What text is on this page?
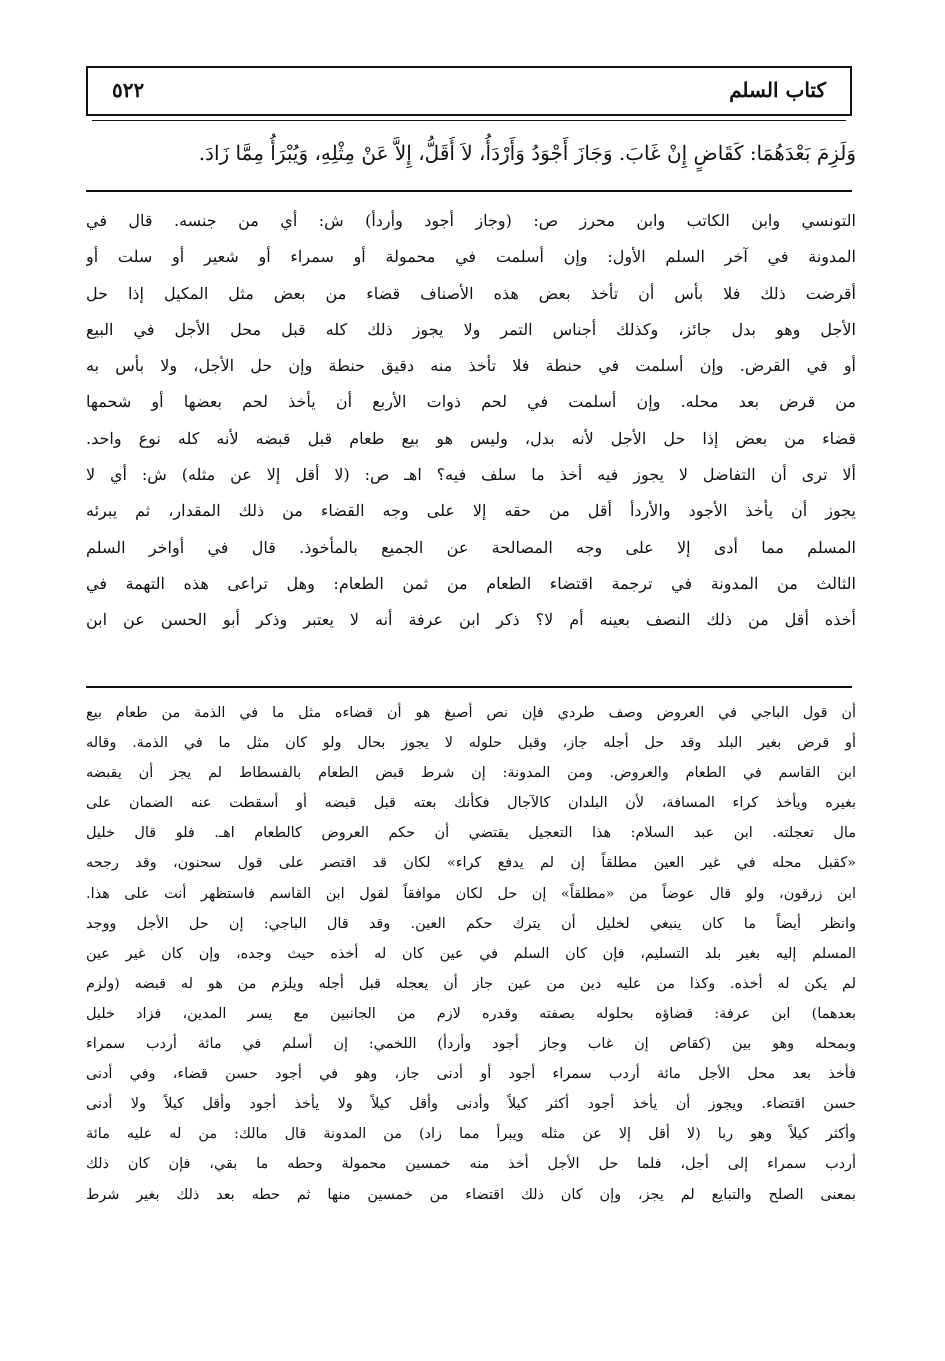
٥٢٢	كتاب السلم
وَلَزِمَ بَعْدَهُمَا: كَقَاضٍ إِنْ غَابَ. وَجَازَ أَجْوَدُ وَأَرْدَأُ، لاَ أَقَلُّ، إِلاَّ عَنْ مِثْلِهِ، وَيُبْرَأُ مِمَّا زَادَ.
التونسي وابن الكاتب وابن محرز ص: (وجاز أجود وأردأ) ش: أي من جنسه. قال في
المدونة في آخر السلم الأول: وإن أسلمت في محمولة أو سمراء أو شعير أو سلت أو
أقرضت ذلك فلا بأس أن تأخذ بعض هذه الأصناف قضاء من بعض مثل المكيل إذا حل
الأجل وهو بدل جائز، وكذلك أجناس التمر ولا يجوز ذلك كله قبل محل الأجل في البيع
أو في القرض. وإن أسلمت في حنطة فلا تأخذ منه دقيق حنطة وإن حل الأجل، ولا بأس به
من قرض بعد محله. وإن أسلمت في لحم ذوات الأربع أن يأخذ لحم بعضها أو شحمها
قضاء من بعض إذا حل الأجل لأنه بدل، وليس هو بيع طعام قبل قبضه لأنه كله نوع واحد.
ألا ترى أن التفاضل لا يجوز فيه أخذ ما سلف فيه؟ اهـ ص: (لا أقل إلا عن مثله) ش: أي لا
يجوز أن يأخذ الأجود والأردأ أقل من حقه إلا على وجه القضاء من ذلك المقدار، ثم يبرئه
المسلم مما أدى إلا على وجه المصالحة عن الجميع بالمأخوذ. قال في أواخر السلم
الثالث من المدونة في ترجمة اقتضاء الطعام من ثمن الطعام: وهل تراعى هذه التهمة في
أخذه أقل من ذلك النصف بعينه أم لا؟ ذكر ابن عرفة أنه لا يعتبر وذكر أبو الحسن عن ابن
أن قول الباجي في العروض وصف طردي فإن نص أصبغ هو أن قضاءه مثل ما في الذمة من طعام بيع
أو قرض بغير البلد وقد حل أجله جاز، وقبل حلوله لا يجوز بحال ولو كان مثل ما في الذمة. وقاله
ابن القاسم في الطعام والعروض. ومن المدونة: إن شرط قبض الطعام بالفسطاط لم يجز أن يقبضه
بغيره ويأخذ كراء المسافة، لأن البلدان كالآجال فكأنك بعته قبل قبضه أو أسقطت عنه الضمان على
مال تعجلته. ابن عبد السلام: هذا التعجيل يقتضي أن حكم العروض كالطعام اهـ. فلو قال خليل
«كقبل محله في غير العين مطلقاً إن لم يدفع كراء» لكان قد اقتصر على قول سحنون، وقد رجحه
ابن زرقون، ولو قال عوضاً من «مطلقاً» إن حل لكان موافقاً لقول ابن القاسم فاستظهر أنت على هذا.
وانظر أيضاً ما كان ينبغي لخليل أن يترك حكم العين. وقد قال الباجي: إن حل الأجل ووجد
المسلم إليه بغير بلد التسليم، فإن كان السلم في عين كان له أخذه حيث وجده، وإن كان غير عين
لم يكن له أخذه. وكذا من عليه دين من عين جاز أن يعجله قبل أجله ويلزم من هو له قبضه (ولزم
بعدهما) ابن عرفة: قضاؤه بحلوله بصفته وقدره لازم من الجانبين مع يسر المدين، فزاد خليل
وبمحله وهو بين (كقاض إن غاب وجاز أجود وأردأ) اللخمي: إن أسلم في مائة أردب سمراء
فأخذ بعد محل الأجل مائة أردب سمراء أجود أو أدنى جاز، وهو في أجود حسن قضاء، وفي أدنى
حسن اقتضاء. ويجوز أن يأخذ أجود أكثر كيلاً وأدنى وأقل كيلاً ولا يأخذ أجود وأقل كيلاً ولا أدنى
وأكثر كيلاً وهو ربا (لا أقل إلا عن مثله ويبرأ مما زاد) من المدونة قال مالك: من له عليه مائة
أردب سمراء إلى أجل، فلما حل الأجل أخذ منه خمسين محمولة وحطه ما بقي، فإن كان ذلك
بمعنى الصلح والتبايع لم يجز، وإن كان ذلك اقتضاء من خمسين منها ثم حطه بعد ذلك بغير شرط
